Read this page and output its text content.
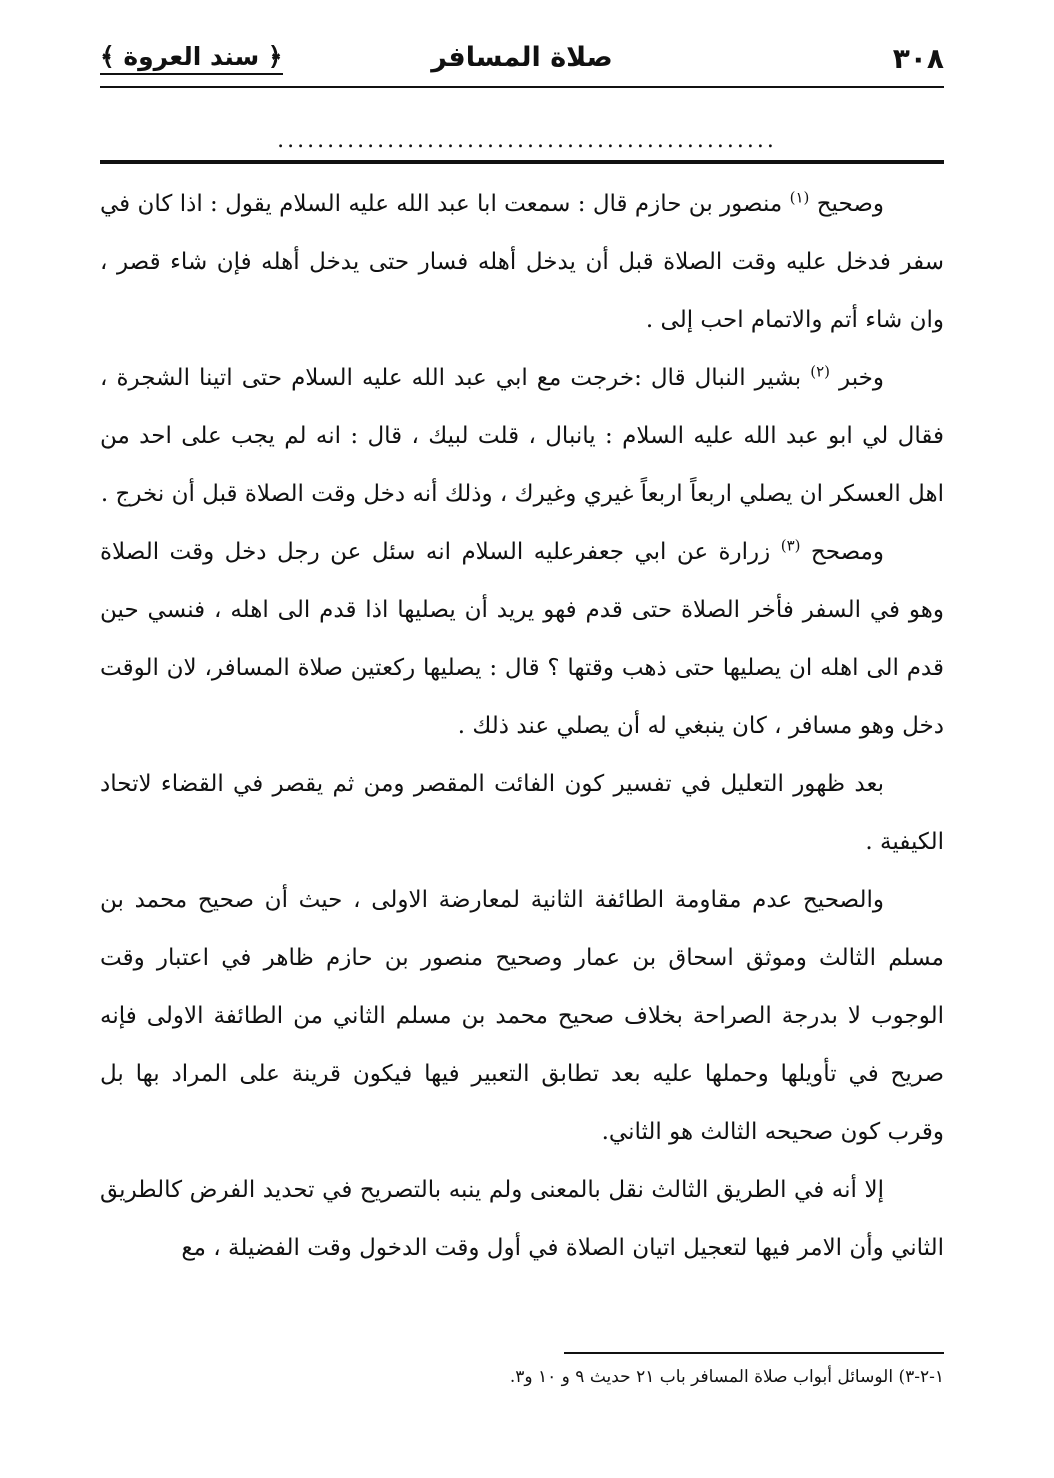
٣٠٨
صلاة المسافر
﴿ سند العروة ﴾
..................................................

وصحيح $^{(١)}$ منصور بن حازم قال : سمعت ابا عبد الله عليه السلام يقول : اذا كان في سفر فدخل عليه وقت الصلاة قبل أن يدخل أهله فسار حتى يدخل أهله فإن شاء قصر ، وان شاء أتم والاتمام احب إلى .

وخبر $^{(٢)}$ بشير النبال قال :خرجت مع ابي عبد الله عليه السلام حتى اتينا الشجرة ، فقال لي ابو عبد الله عليه السلام : يانبال ، قلت لبيك ، قال : انه لم يجب على احد من اهل العسكر ان يصلي اربعاً اربعاً غيري وغيرك ، وذلك أنه دخل وقت الصلاة قبل أن نخرج .

ومصحح $^{(٣)}$ زرارة عن ابي جعفرعليه السلام انه سئل عن رجل دخل وقت الصلاة وهو في السفر فأخر الصلاة حتى قدم فهو يريد أن يصليها اذا قدم الى اهله ، فنسي حين قدم الى اهله ان يصليها حتى ذهب وقتها ؟ قال : يصليها ركعتين صلاة المسافر، لان الوقت دخل وهو مسافر ، كان ينبغي له أن يصلي عند ذلك .

بعد ظهور التعليل في تفسير كون الفائت المقصر ومن ثم يقصر في القضاء لاتحاد الكيفية .

والصحيح عدم مقاومة الطائفة الثانية لمعارضة الاولى ، حيث أن صحيح محمد بن مسلم الثالث وموثق اسحاق بن عمار وصحيح منصور بن حازم ظاهر في اعتبار وقت الوجوب لا بدرجة الصراحة بخلاف صحيح محمد بن مسلم الثاني من الطائفة الاولى فإنه صريح في تأويلها وحملها عليه بعد تطابق التعبير فيها فيكون قرينة على المراد بها بل وقرب كون صحيحه الثالث هو الثاني.

إلا أنه في الطريق الثالث نقل بالمعنى ولم ينبه بالتصريح في تحديد الفرض كالطريق الثاني وأن الامر فيها لتعجيل اتيان الصلاة في أول وقت الدخول وقت الفضيلة ، مع

١-٢-٣) الوسائل أبواب صلاة المسافر باب ٢١ حديث ٩ و ١٠ و٣.
